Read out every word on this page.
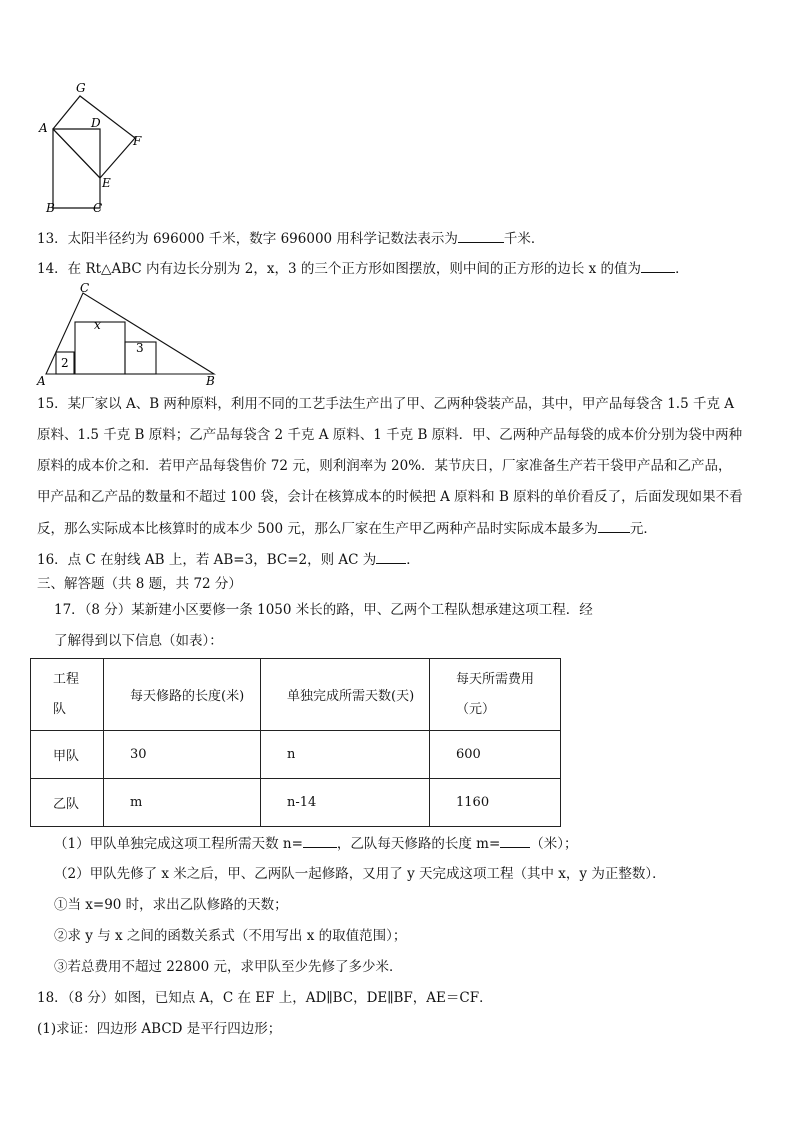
G
A	D
F
E
B	C
13．太阳半径约为 696000 千米，数字 696000 用科学记数法表示为	千米．
14．在 Rt△ABC 内有边长分别为 2，x，3 的三个正方形如图摆放，则中间的正方形的边长 x 的值为	．
C
x
3
2
A	B
15．某厂家以 A、B 两种原料，利用不同的工艺手法生产出了甲、乙两种袋装产品，其中，甲产品每袋含 1.5 千克 A
原料、1.5 千克 B 原料；乙产品每袋含 2 千克 A 原料、1 千克 B 原料．甲、乙两种产品每袋的成本价分别为袋中两种
原料的成本价之和．若甲产品每袋售价 72 元，则利润率为 20%．某节庆日，厂家准备生产若干袋甲产品和乙产品，
甲产品和乙产品的数量和不超过 100 袋，会计在核算成本的时候把 A 原料和 B 原料的单价看反了，后面发现如果不看
反，那么实际成本比核算时的成本少 500 元，那么厂家在生产甲乙两种产品时实际成本最多为 元．
16．点 C 在射线 AB 上，若 AB=3，BC=2，则 AC 为 ．
三、解答题（共 8 题，共 72 分）
17．（8 分）某新建小区要修一条 1050 米长的路，甲、乙两个工程队想承建这项工程．经
了解得到以下信息（如表）：
工程
队	每天修路的长度(米)	单独完成所需天数(天)	每天所需费用
（元）
甲队	30	n	600
乙队	m	n-14	1160
（1）甲队单独完成这项工程所需天数 n=	，乙队每天修路的长度 m= （米）；
（2）甲队先修了 x 米之后，甲、乙两队一起修路，又用了 y 天完成这项工程（其中 x，y 为正整数）．
①当 x=90 时，求出乙队修路的天数；
②求 y 与 x 之间的函数关系式（不用写出 x 的取值范围）；
③若总费用不超过 22800 元，求甲队至少先修了多少米．
18．（8 分）如图，已知点 A，C 在 EF 上，AD∥BC，DE∥BF，AE＝CF．
(1)求证：四边形 ABCD 是平行四边形；
